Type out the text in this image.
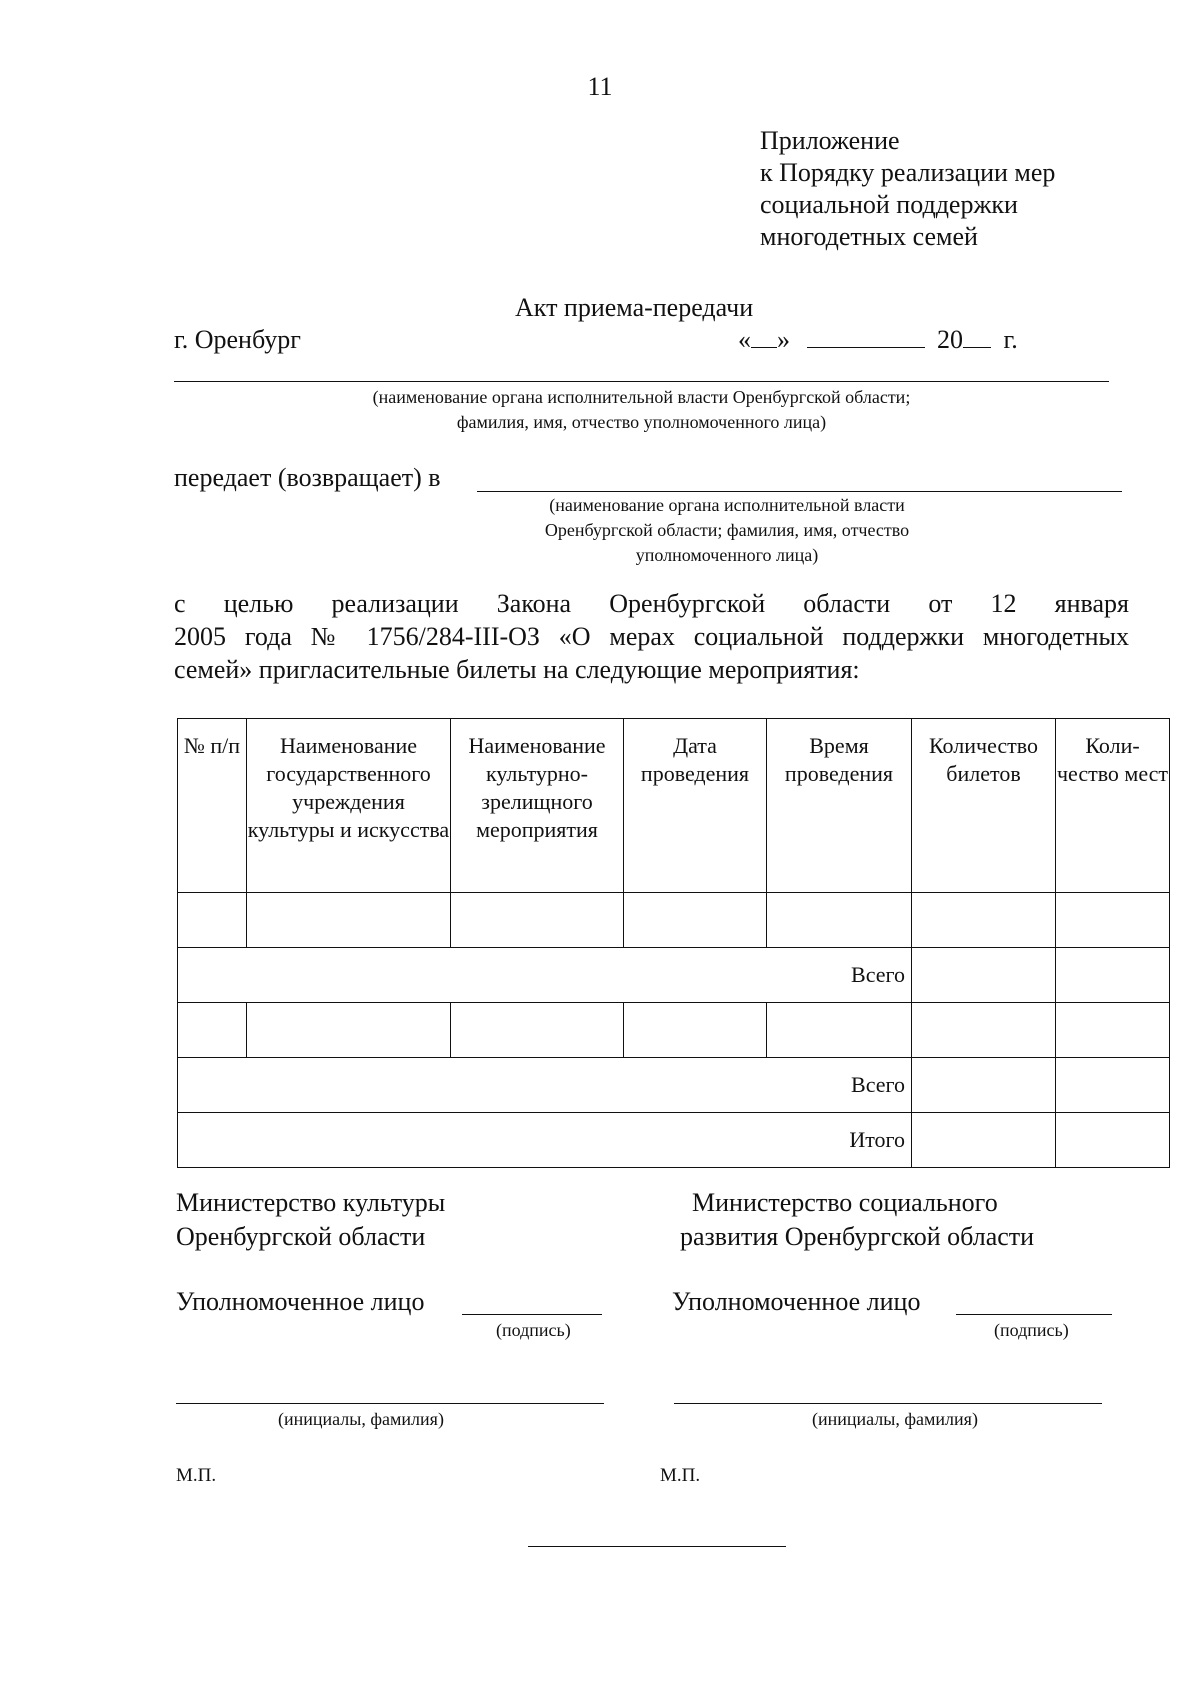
11
Приложение
к Порядку реализации мер
социальной поддержки
многодетных семей
Акт приема-передачи
г. Оренбург	« »	20 г.
(наименование органа исполнительной власти Оренбургской области;
фамилия, имя, отчество уполномоченного лица)
передает (возвращает) в
(наименование органа исполнительной власти
Оренбургской области; фамилия, имя, отчество
уполномоченного лица)
с целью реализации Закона Оренбургской области от 12 января
2005 года № 1756/284-III-ОЗ «О мерах социальной поддержки многодетных
семей» пригласительные билеты на следующие мероприятия:
№ п/п	Наименование государственного учреждения культуры и искусства	Наименование культурно-зрелищного мероприятия	Дата проведения	Время проведения	Количество билетов	Коли-чество мест

Всего						

Всего						
Итого						
Министерство культуры
Оренбургской области
Уполномоченное лицо
(подпись)
(инициалы, фамилия)
М.П.
Министерство социального
развития Оренбургской области
Уполномоченное лицо
(подпись)
(инициалы, фамилия)
М.П.
